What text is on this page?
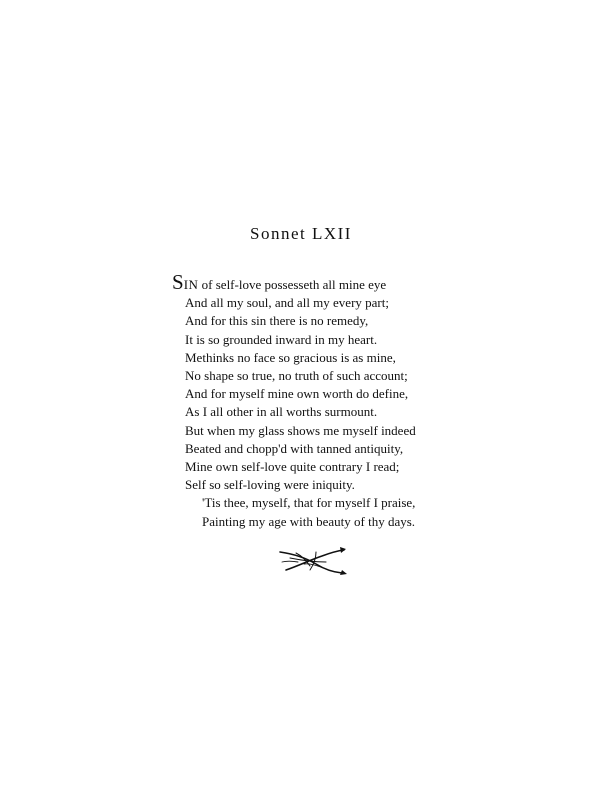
Sonnet LXII
SIN of self-love possesseth all mine eye
And all my soul, and all my every part;
And for this sin there is no remedy,
It is so grounded inward in my heart.
Methinks no face so gracious is as mine,
No shape so true, no truth of such account;
And for myself mine own worth do define,
As I all other in all worths surmount.
But when my glass shows me myself indeed
Beated and chopp'd with tanned antiquity,
Mine own self-love quite contrary I read;
Self so self-loving were iniquity.
'Tis thee, myself, that for myself I praise,
Painting my age with beauty of thy days.
